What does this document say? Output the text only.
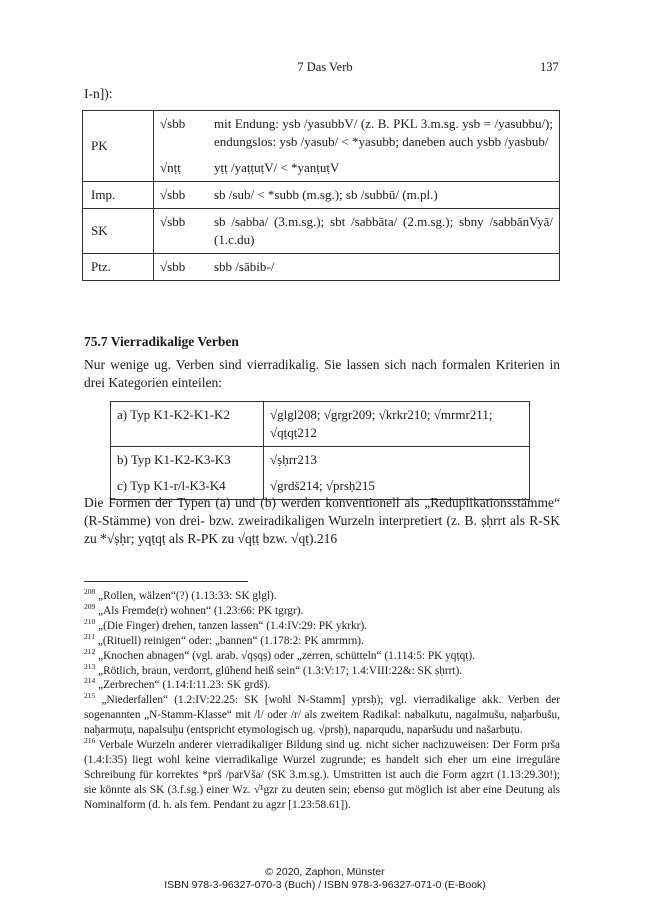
7 Das Verb	137
I-n]):
PK	√sbb	mit Endung: ysb /yasubbV/ (z. B. PKL 3.m.sg. ysb = /yasubbu/); endungslos: ysb /yasub/ < *yasubb; daneben auch ysbb /yasbub/
	√nṭṭ	yṭṭ /yaṭṭuṭV/ < *yanṭuṭV
Imp.	√sbb	sb /sub/ < *subb (m.sg.); sb /subbū/ (m.pl.)
SK	√sbb	sb /sabba/ (3.m.sg.); sbt /sabbāta/ (2.m.sg.); sbny /sabbānVyā/ (1.c.du)
Ptz.	√sbb	sbb /sābib-/
75.7 Vierradikalige Verben
Nur wenige ug. Verben sind vierradikalig. Sie lassen sich nach formalen Kriterien in drei Kategorien einteilen:
a) Typ K1-K2-K1-K2	√glgl208; √grgr209; √krkr210; √mrmr211; √qṭqṭ212
b) Typ K1-K2-K3-K3	√ṣḥrr213
c) Typ K1-r/l-K3-K4	√grdš214; √prsḥ215
Die Formen der Typen (a) und (b) werden konventionell als „Reduplikationsstämme“ (R-Stämme) von drei- bzw. zweiradikaligen Wurzeln interpretiert (z. B. ṣḥrrt als R-SK zu *√ṣḥr; yqṭqṭ als R-PK zu √qṭṭ bzw. √qṭ).216

$^{208}$ „Rollen, wälzen“(?) (1.13:33: SK glgl).

$^{209}$ „Als Fremde(r) wohnen“ (1.23:66: PK tgrgr).

$^{210}$ „(Die Finger) drehen, tanzen lassen“ (1.4:IV:29: PK ykrkr).

$^{211}$ „(Rituell) reinigen“ oder: „bannen“ (1.178:2: PK amrmrn).

$^{212}$ „Knochen abnagen“ (vgl. arab. √qṣqṣ) oder „zerren, schütteln“ (1.114:5: PK yqṭqṭ).

$^{213}$ „Rötlich, braun, verdorrt, glühend heiß sein“ (1.3:V:17; 1.4:VIII:22&: SK ṣḥrrt).

$^{214}$ „Zerbrechen“ (1.14:I:11.23: SK grdš).

$^{215}$ „Niederfallen“ (1.2:IV:22.25: SK [wohl N-Stamm] yprsḥ); vgl. vierradikalige akk. Verben der sogenannten „N-Stamm-Klasse“ mit /l/ oder /r/ als zweitem Radikal: nabalkutu, nagalmušu, naḫarbušu, naḫarmuṭu, napalsuḫu (entspricht etymologisch ug. √prsḥ), naparqudu, naparšudu und našarbuṭu.

$^{216}$ Verbale Wurzeln anderer vierradikaliger Bildung sind ug. nicht sicher nachzuweisen: Der Form prša (1.4:I:35) liegt wohl keine vierradikalige Wurzel zugrunde; es handelt sich eher um eine irreguläre Schreibung für korrektes *prš /parVša/ (SK 3.m.sg.). Umstritten ist auch die Form agzrt (1.13:29.30!); sie könnte als SK (3.f.sg.) einer Wz. √¹gzr zu deuten sein; ebenso gut möglich ist aber eine Deutung als Nominalform (d. h. als fem. Pendant zu agzr [1.23:58.61]).

© 2020, Zaphon, Münster
ISBN 978-3-96327-070-3 (Buch) / ISBN 978-3-96327-071-0 (E-Book)
